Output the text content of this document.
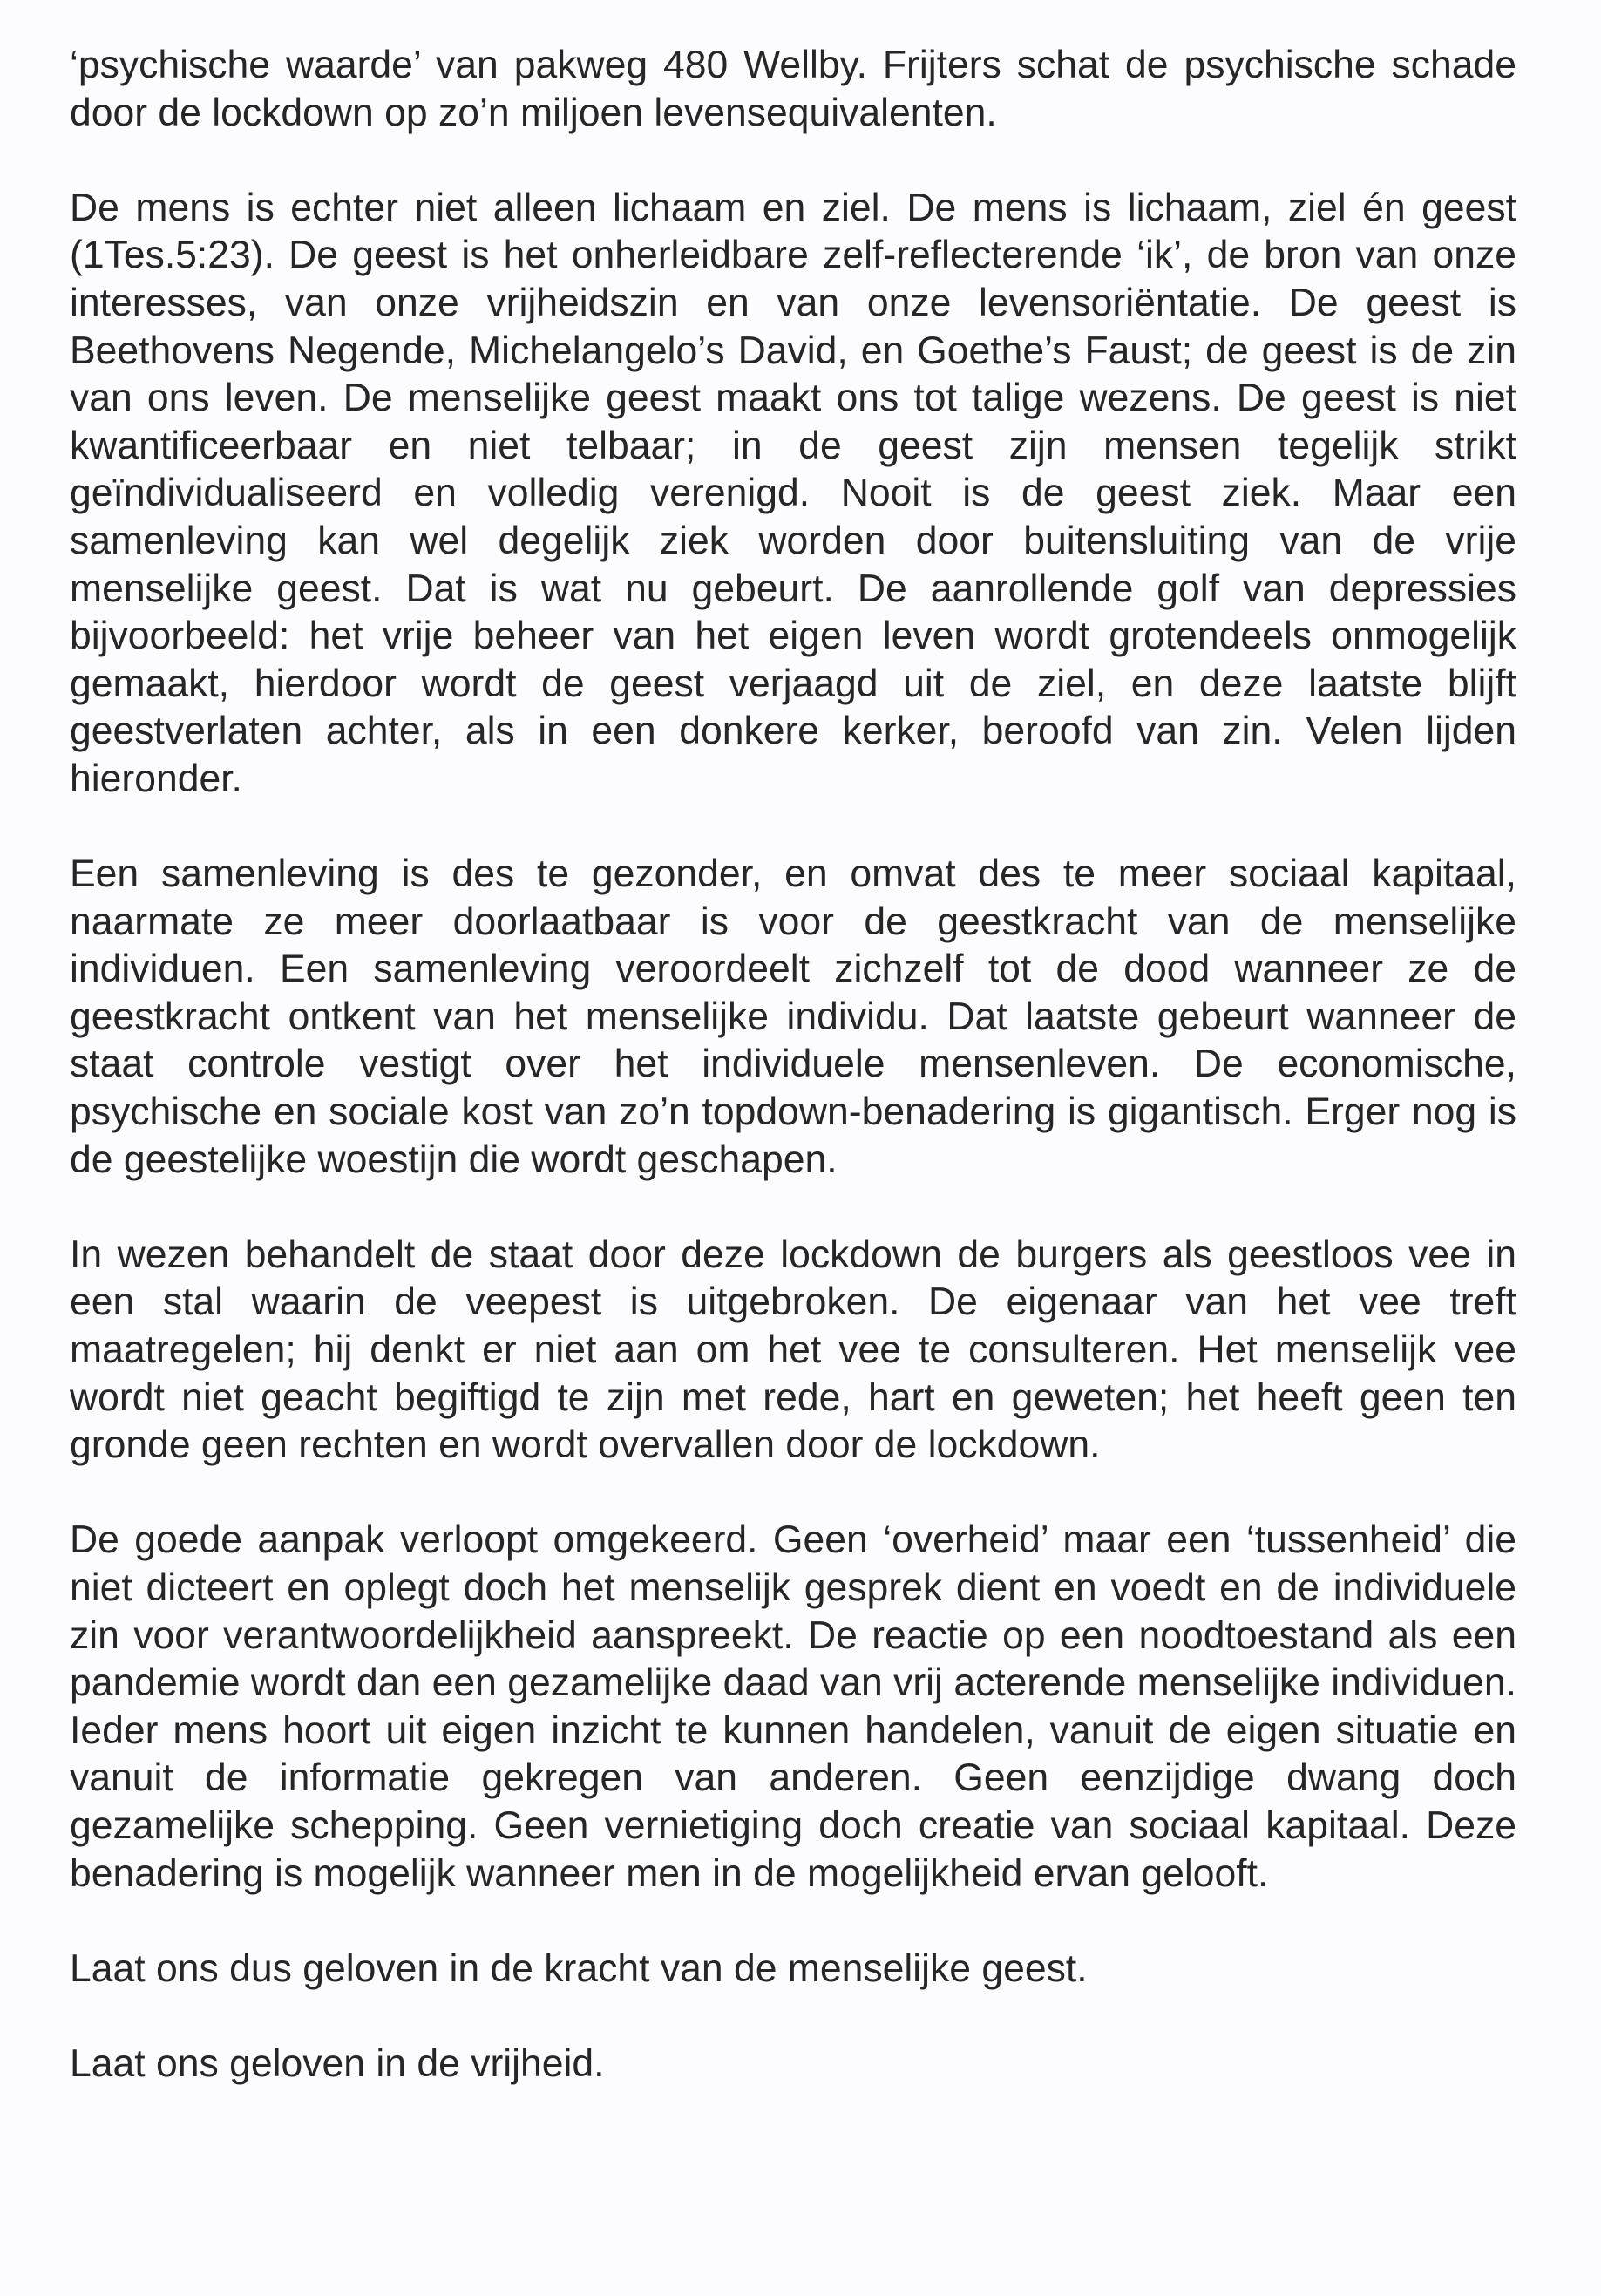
‘psychische waarde’ van pakweg 480 Wellby. Frijters schat de psychische schade door de lockdown op zo’n miljoen levensequivalenten.

De mens is echter niet alleen lichaam en ziel. De mens is lichaam, ziel én geest (1Tes.5:23). De geest is het onherleidbare zelf-reflecterende ‘ik’, de bron van onze interesses, van onze vrijheidszin en van onze levensoriëntatie. De geest is Beethovens Negende, Michelangelo’s David, en Goethe’s Faust; de geest is de zin van ons leven. De menselijke geest maakt ons tot talige wezens. De geest is niet kwantificeerbaar en niet telbaar; in de geest zijn mensen tegelijk strikt geïndividualiseerd en volledig verenigd. Nooit is de geest ziek. Maar een samenleving kan wel degelijk ziek worden door buitensluiting van de vrije menselijke geest. Dat is wat nu gebeurt. De aanrollende golf van depressies bijvoorbeeld: het vrije beheer van het eigen leven wordt grotendeels onmogelijk gemaakt, hierdoor wordt de geest verjaagd uit de ziel, en deze laatste blijft geestverlaten achter, als in een donkere kerker, beroofd van zin. Velen lijden hieronder.

Een samenleving is des te gezonder, en omvat des te meer sociaal kapitaal, naarmate ze meer doorlaatbaar is voor de geestkracht van de menselijke individuen. Een samenleving veroordeelt zichzelf tot de dood wanneer ze de geestkracht ontkent van het menselijke individu. Dat laatste gebeurt wanneer de staat controle vestigt over het individuele mensenleven. De economische, psychische en sociale kost van zo’n topdown-benadering is gigantisch. Erger nog is de geestelijke woestijn die wordt geschapen.

In wezen behandelt de staat door deze lockdown de burgers als geestloos vee in een stal waarin de veepest is uitgebroken. De eigenaar van het vee treft maatregelen; hij denkt er niet aan om het vee te consulteren. Het menselijk vee wordt niet geacht begiftigd te zijn met rede, hart en geweten; het heeft geen ten gronde geen rechten en wordt overvallen door de lockdown.

De goede aanpak verloopt omgekeerd. Geen ‘overheid’ maar een ‘tussenheid’ die niet dicteert en oplegt doch het menselijk gesprek dient en voedt en de individuele zin voor verantwoordelijkheid aanspreekt. De reactie op een noodtoestand als een pandemie wordt dan een gezamelijke daad van vrij acterende menselijke individuen. Ieder mens hoort uit eigen inzicht te kunnen handelen, vanuit de eigen situatie en vanuit de informatie gekregen van anderen. Geen eenzijdige dwang doch gezamelijke schepping. Geen vernietiging doch creatie van sociaal kapitaal. Deze benadering is mogelijk wanneer men in de mogelijkheid ervan gelooft.

Laat ons dus geloven in de kracht van de menselijke geest.

Laat ons geloven in de vrijheid.
